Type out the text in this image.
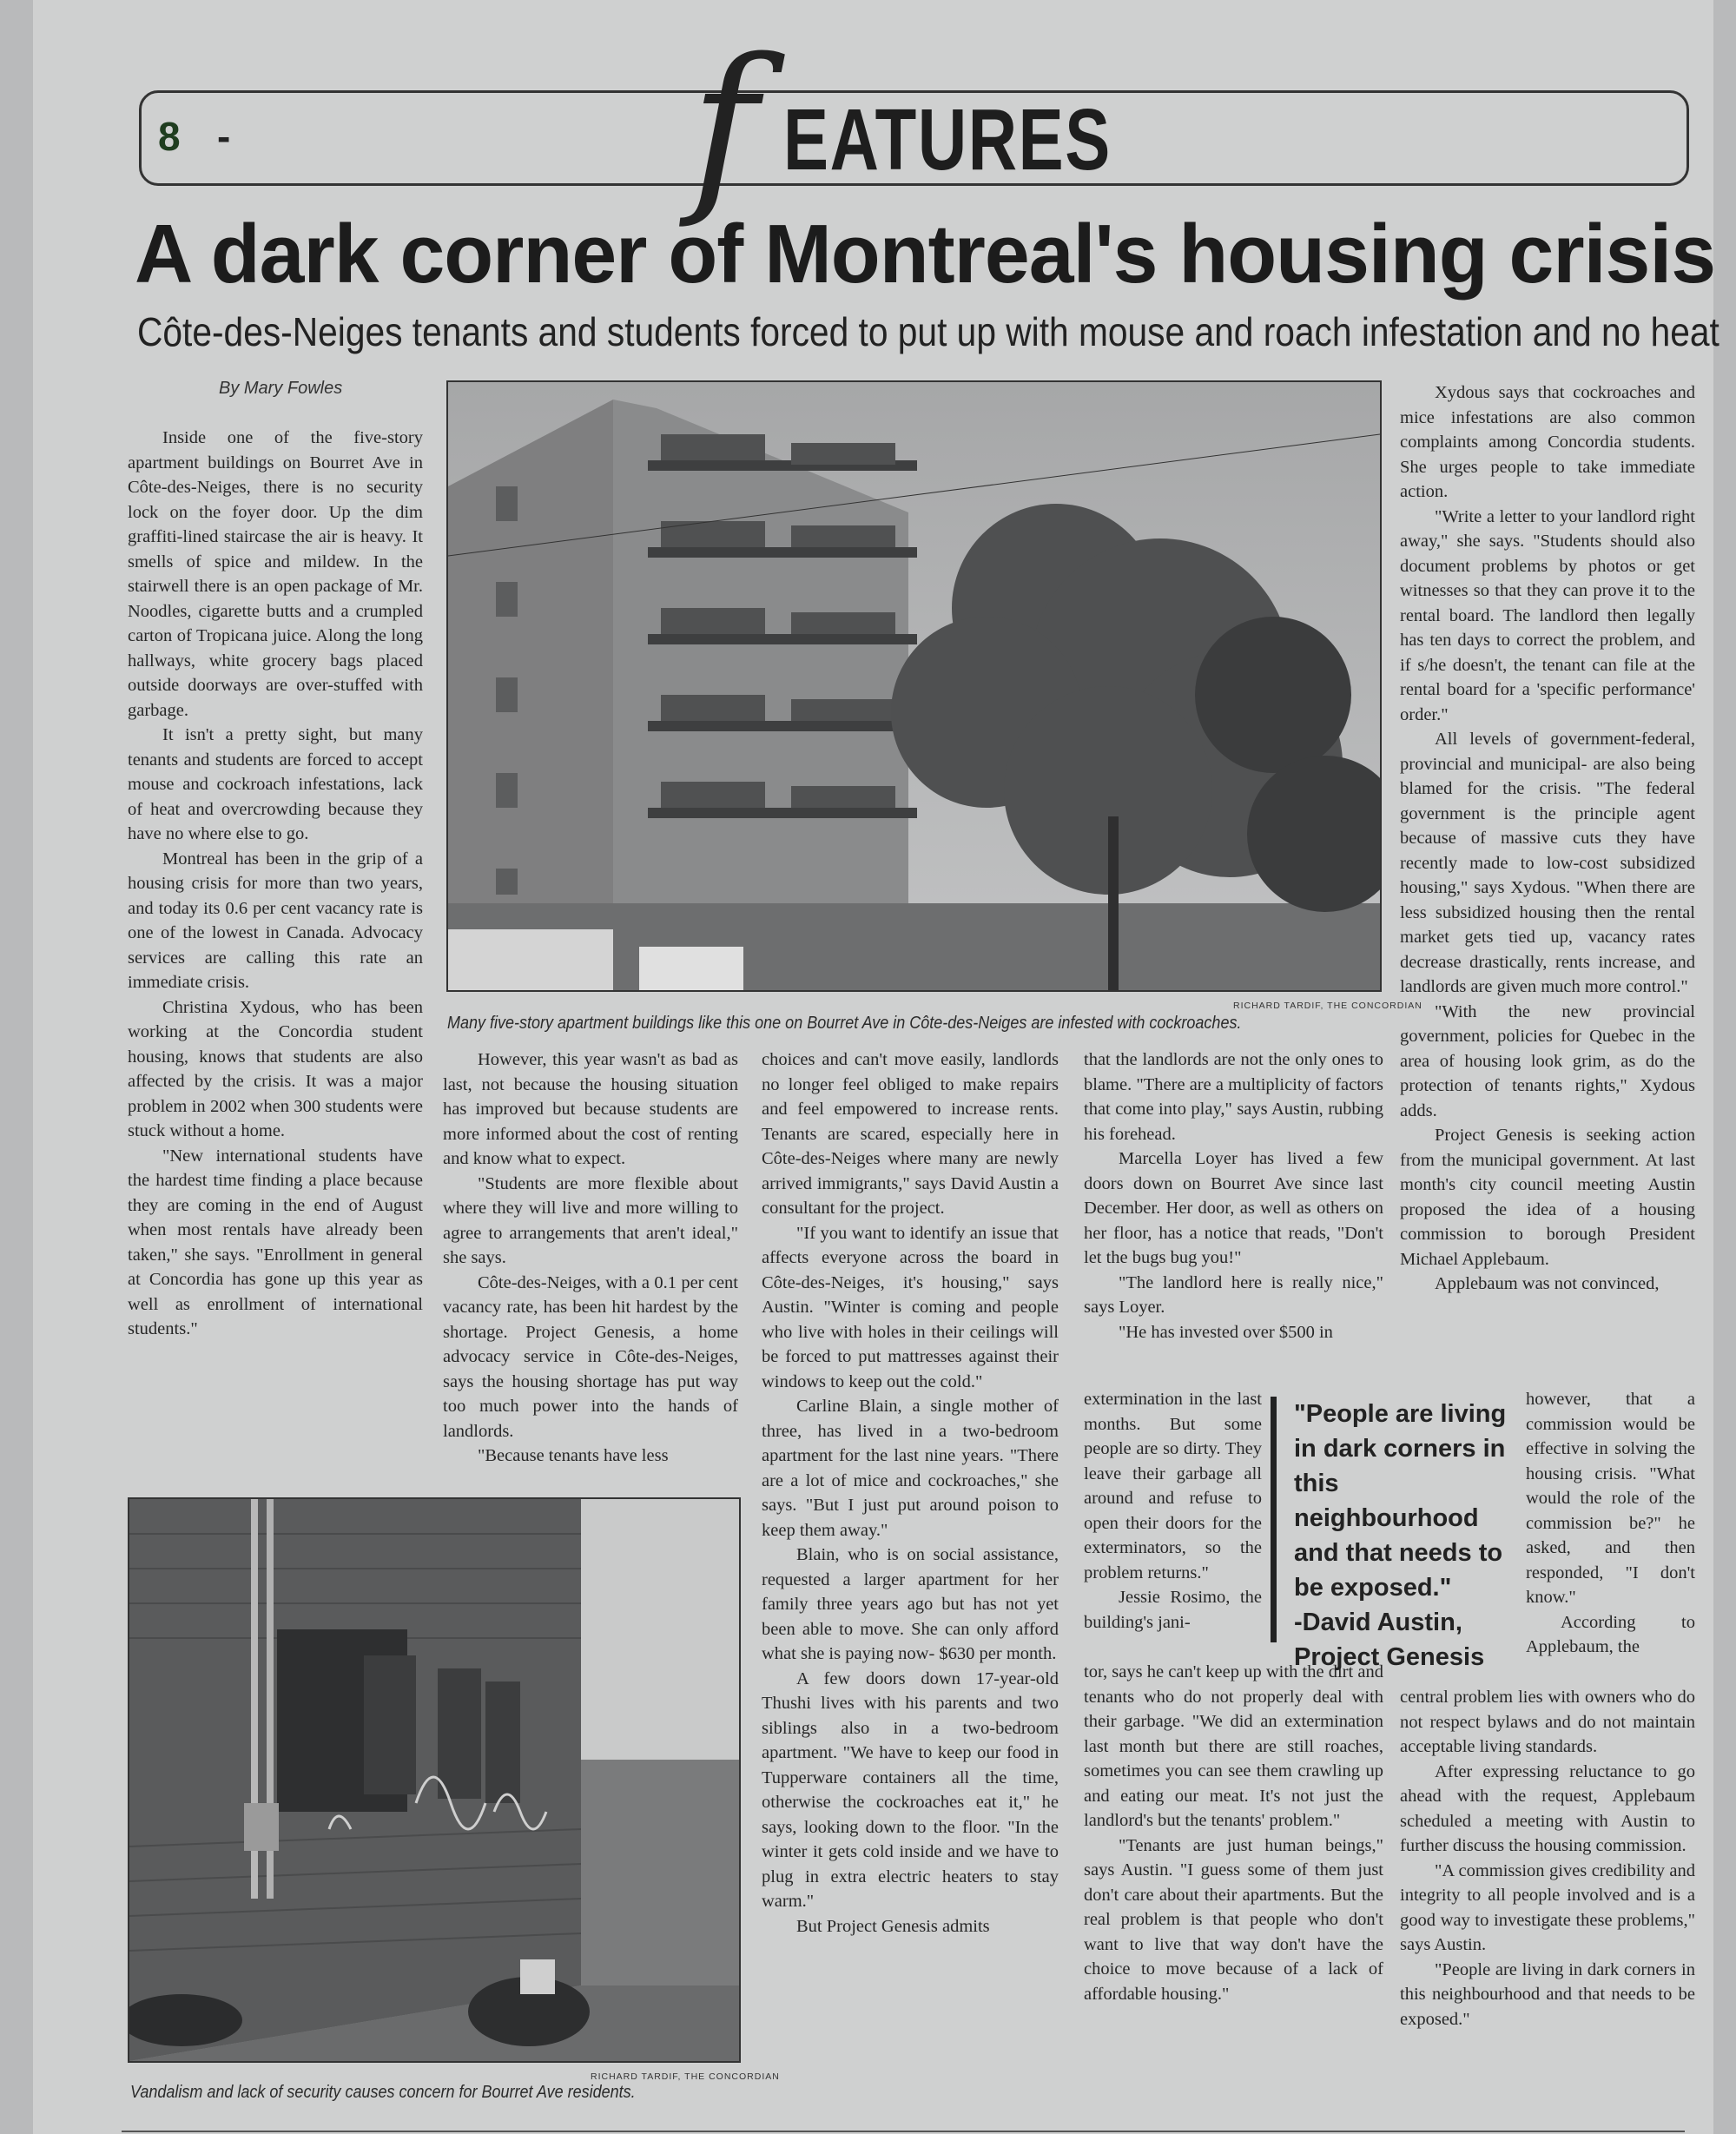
8 -	f EATURES
A dark corner of Montreal's housing crisis
Côte-des-Neiges tenants and students forced to put up with mouse and roach infestation and no heat
By Mary Fowles
RICHARD TARDIF, THE CONCORDIAN
Many five-story apartment buildings like this one on Bourret Ave in Côte-des-Neiges are infested with cockroaches.
RICHARD TARDIF, THE CONCORDIAN
Vandalism and lack of security causes concern for Bourret Ave residents.

Inside one of the five-story apartment buildings on Bourret Ave in Côte-des-Neiges, there is no security lock on the foyer door. Up the dim graffiti-lined staircase the air is heavy. It smells of spice and mildew. In the stairwell there is an open package of Mr. Noodles, cigarette butts and a crumpled carton of Tropicana juice. Along the long hallways, white grocery bags placed outside doorways are over-stuffed with garbage.

It isn't a pretty sight, but many tenants and students are forced to accept mouse and cockroach infestations, lack of heat and overcrowding because they have no where else to go.

Montreal has been in the grip of a housing crisis for more than two years, and today its 0.6 per cent vacancy rate is one of the lowest in Canada. Advocacy services are calling this rate an immediate crisis.

Christina Xydous, who has been working at the Concordia student housing, knows that students are also affected by the crisis. It was a major problem in 2002 when 300 students were stuck without a home.

"New international students have the hardest time finding a place because they are coming in the end of August when most rentals have already been taken," she says. "Enrollment in general at Concordia has gone up this year as well as enrollment of international students."

However, this year wasn't as bad as last, not because the housing situation has improved but because students are more informed about the cost of renting and know what to expect.

"Students are more flexible about where they will live and more willing to agree to arrangements that aren't ideal," she says.

Côte-des-Neiges, with a 0.1 per cent vacancy rate, has been hit hardest by the shortage. Project Genesis, a home advocacy service in Côte-des-Neiges, says the housing shortage has put way too much power into the hands of landlords.

"Because tenants have less

choices and can't move easily, landlords no longer feel obliged to make repairs and feel empowered to increase rents. Tenants are scared, especially here in Côte-des-Neiges where many are newly arrived immigrants," says David Austin a consultant for the project.

"If you want to identify an issue that affects everyone across the board in Côte-des-Neiges, it's housing," says Austin. "Winter is coming and people who live with holes in their ceilings will be forced to put mattresses against their windows to keep out the cold."

Carline Blain, a single mother of three, has lived in a two-bedroom apartment for the last nine years. "There are a lot of mice and cockroaches," she says. "But I just put around poison to keep them away."

Blain, who is on social assistance, requested a larger apartment for her family three years ago but has not yet been able to move. She can only afford what she is paying now- $630 per month.

A few doors down 17-year-old Thushi lives with his parents and two siblings also in a two-bedroom apartment. "We have to keep our food in Tupperware containers all the time, otherwise the cockroaches eat it," he says, looking down to the floor. "In the winter it gets cold inside and we have to plug in extra electric heaters to stay warm."

But Project Genesis admits

that the landlords are not the only ones to blame. "There are a multiplicity of factors that come into play," says Austin, rubbing his forehead.

Marcella Loyer has lived a few doors down on Bourret Ave since last December. Her door, as well as others on her floor, has a notice that reads, "Don't let the bugs bug you!"

"The landlord here is really nice," says Loyer.

"He has invested over $500 in

extermination in the last months. But some people are so dirty. They leave their garbage all around and refuse to open their doors for the exterminators, so the problem returns."

Jessie Rosimo, the building's jani-

tor, says he can't keep up with the dirt and tenants who do not properly deal with their garbage. "We did an extermination last month but there are still roaches, sometimes you can see them crawling up and eating our meat. It's not just the landlord's but the tenants' problem."

"Tenants are just human beings," says Austin. "I guess some of them just don't care about their apartments. But the real problem is that people who don't want to live that way don't have the choice to move because of a lack of affordable housing."

"People are living in dark corners in this neighbourhood and that needs to be exposed."
-David Austin, Project Genesis

Xydous says that cockroaches and mice infestations are also common complaints among Concordia students. She urges people to take immediate action.

"Write a letter to your landlord right away," she says. "Students should also document problems by photos or get witnesses so that they can prove it to the rental board. The landlord then legally has ten days to correct the problem, and if s/he doesn't, the tenant can file at the rental board for a 'specific performance' order."

All levels of government-federal, provincial and municipal- are also being blamed for the crisis. "The federal government is the principle agent because of massive cuts they have recently made to low-cost subsidized housing," says Xydous. "When there are less subsidized housing then the rental market gets tied up, vacancy rates decrease drastically, rents increase, and landlords are given much more control."

"With the new provincial government, policies for Quebec in the area of housing look grim, as do the protection of tenants rights," Xydous adds.

Project Genesis is seeking action from the municipal government. At last month's city council meeting Austin proposed the idea of a housing commission to borough President Michael Applebaum.

Applebaum was not convinced,

however, that a commission would be effective in solving the housing crisis. "What would the role of the commission be?" he asked, and then responded, "I don't know."

According to Applebaum, the

central problem lies with owners who do not respect bylaws and do not maintain acceptable living standards.

After expressing reluctance to go ahead with the request, Applebaum scheduled a meeting with Austin to further discuss the housing commission.

"A commission gives credibility and integrity to all people involved and is a good way to investigate these problems," says Austin.

"People are living in dark corners in this neighbourhood and that needs to be exposed."
